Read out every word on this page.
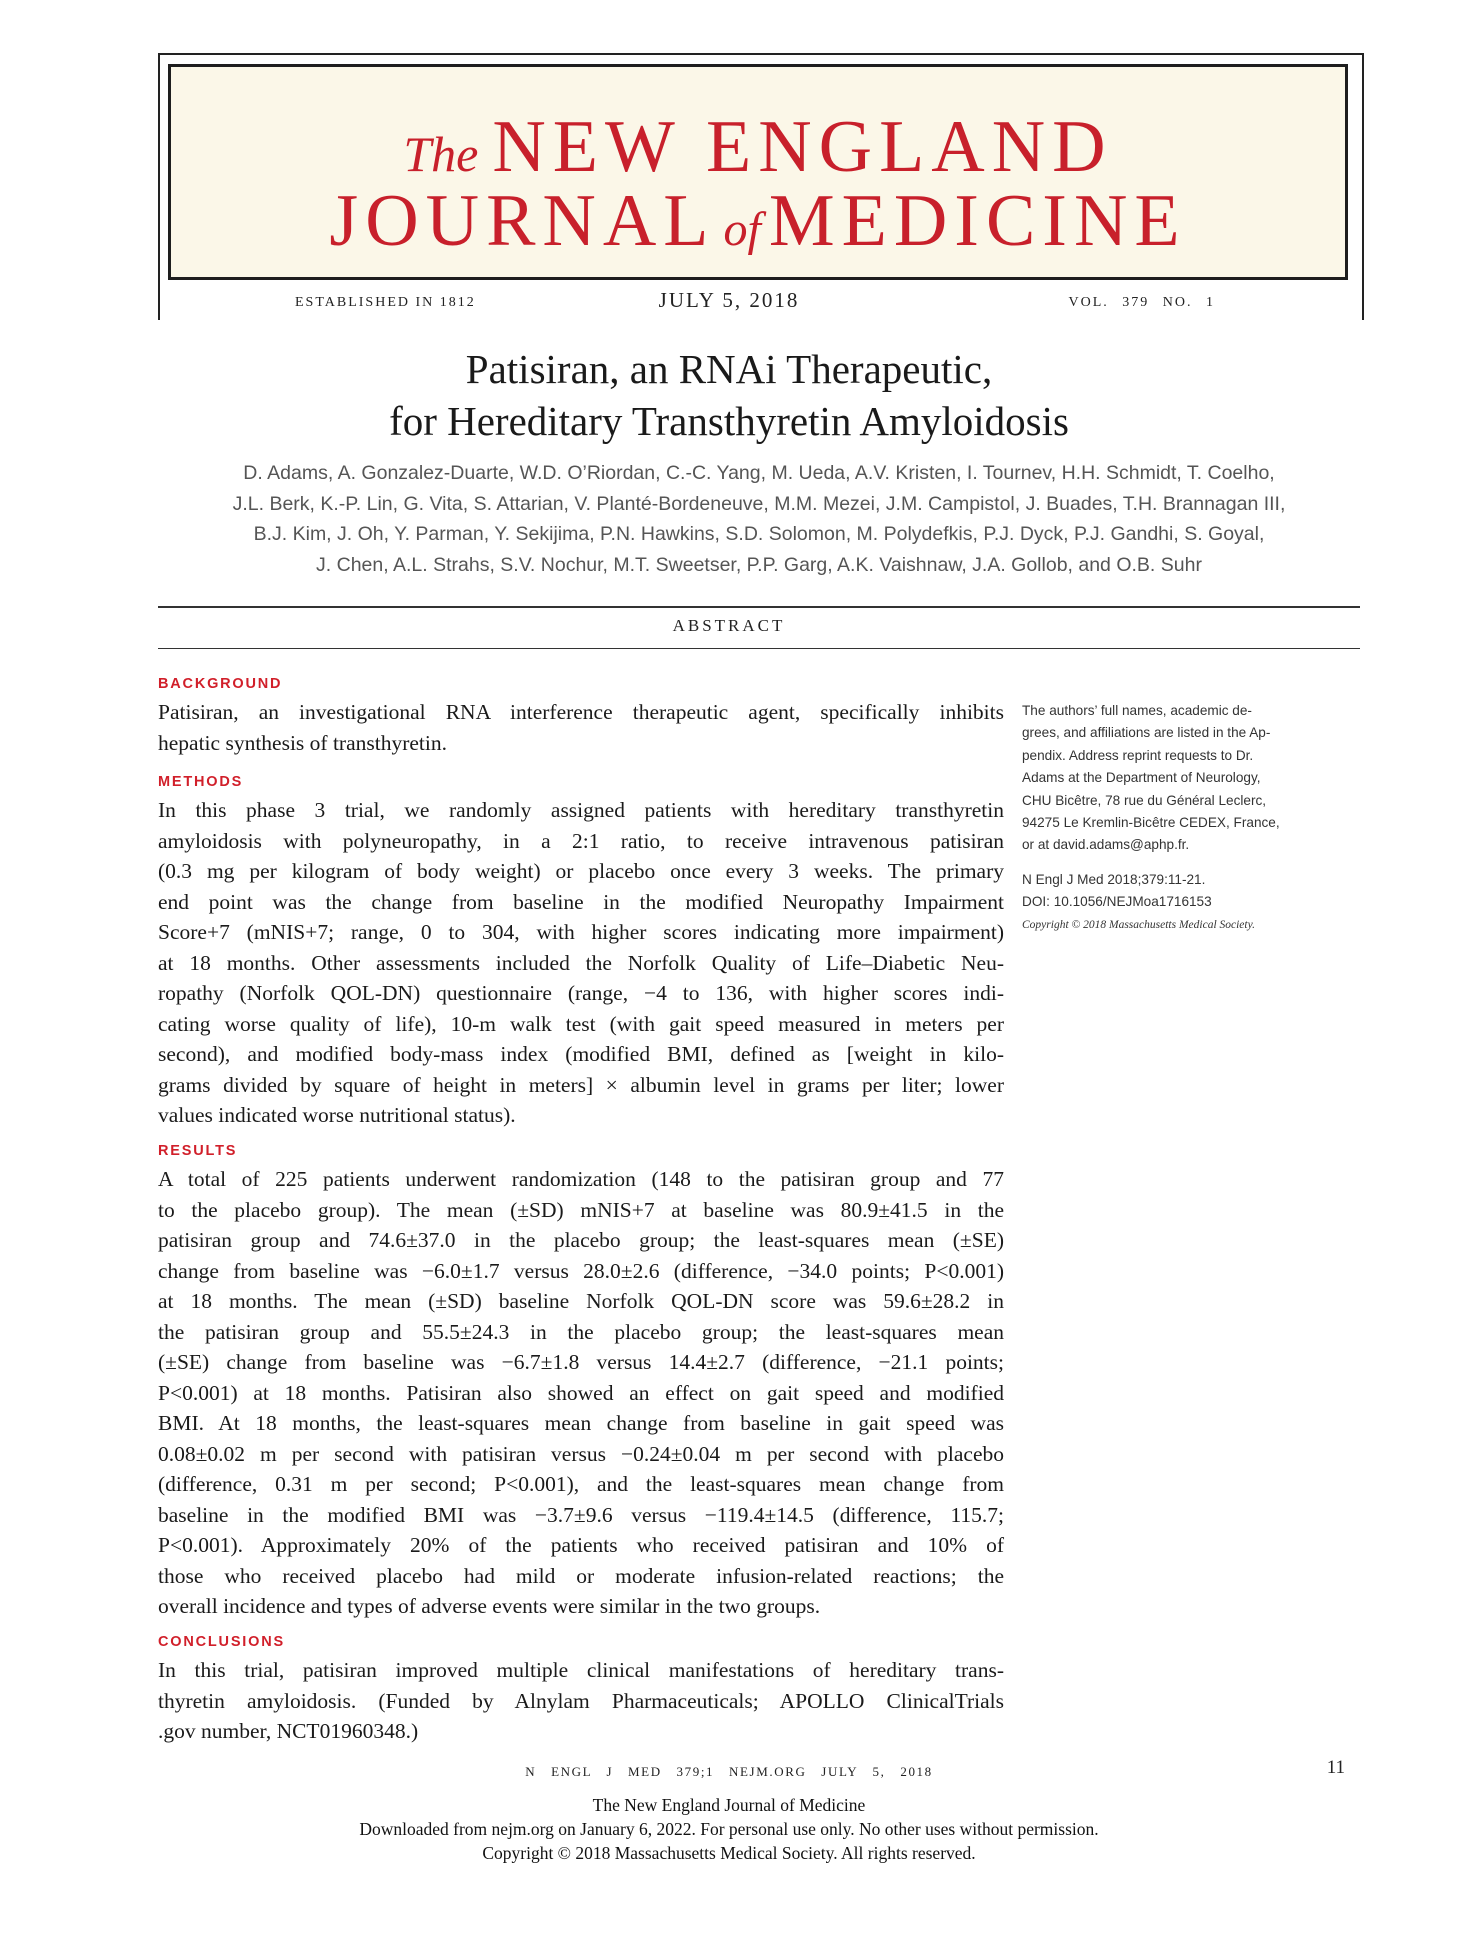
The NEW ENGLAND
JOURNAL of MEDICINE
ESTABLISHED IN 1812	JULY 5, 2018	VOL. 379 NO. 1
Patisiran, an RNAi Therapeutic,
for Hereditary Transthyretin Amyloidosis
D. Adams, A. Gonzalez-Duarte, W.D. O’Riordan, C.-C. Yang, M. Ueda, A.V. Kristen, I. Tournev, H.H. Schmidt, T. Coelho,
J.L. Berk, K.-P. Lin, G. Vita, S. Attarian, V. Planté-Bordeneuve, M.M. Mezei, J.M. Campistol, J. Buades, T.H. Brannagan III,
B.J. Kim, J. Oh, Y. Parman, Y. Sekijima, P.N. Hawkins, S.D. Solomon, M. Polydefkis, P.J. Dyck, P.J. Gandhi, S. Goyal,
J. Chen, A.L. Strahs, S.V. Nochur, M.T. Sweetser, P.P. Garg, A.K. Vaishnaw, J.A. Gollob, and O.B. Suhr
ABSTRACT
BACKGROUND
Patisiran, an investigational RNA interference therapeutic agent, specifically inhibits
hepatic synthesis of transthyretin.
METHODS
In this phase 3 trial, we randomly assigned patients with hereditary transthyretin
amyloidosis with polyneuropathy, in a 2:1 ratio, to receive intravenous patisiran
(0.3 mg per kilogram of body weight) or placebo once every 3 weeks. The primary
end point was the change from baseline in the modified Neuropathy Impairment
Score+7 (mNIS+7; range, 0 to 304, with higher scores indicating more impairment)
at 18 months. Other assessments included the Norfolk Quality of Life–Diabetic Neu-
ropathy (Norfolk QOL-DN) questionnaire (range, −4 to 136, with higher scores indi-
cating worse quality of life), 10-m walk test (with gait speed measured in meters per
second), and modified body-mass index (modified BMI, defined as [weight in kilo-
grams divided by square of height in meters] × albumin level in grams per liter; lower
values indicated worse nutritional status).
RESULTS
A total of 225 patients underwent randomization (148 to the patisiran group and 77
to the placebo group). The mean (±SD) mNIS+7 at baseline was 80.9±41.5 in the
patisiran group and 74.6±37.0 in the placebo group; the least-squares mean (±SE)
change from baseline was −6.0±1.7 versus 28.0±2.6 (difference, −34.0 points; P<0.001)
at 18 months. The mean (±SD) baseline Norfolk QOL-DN score was 59.6±28.2 in
the patisiran group and 55.5±24.3 in the placebo group; the least-squares mean
(±SE) change from baseline was −6.7±1.8 versus 14.4±2.7 (difference, −21.1 points;
P<0.001) at 18 months. Patisiran also showed an effect on gait speed and modified
BMI. At 18 months, the least-squares mean change from baseline in gait speed was
0.08±0.02 m per second with patisiran versus −0.24±0.04 m per second with placebo
(difference, 0.31 m per second; P<0.001), and the least-squares mean change from
baseline in the modified BMI was −3.7±9.6 versus −119.4±14.5 (difference, 115.7;
P<0.001). Approximately 20% of the patients who received patisiran and 10% of
those who received placebo had mild or moderate infusion-related reactions; the
overall incidence and types of adverse events were similar in the two groups.
CONCLUSIONS
In this trial, patisiran improved multiple clinical manifestations of hereditary trans-
thyretin amyloidosis. (Funded by Alnylam Pharmaceuticals; APOLLO ClinicalTrials
.gov number, NCT01960348.)
The authors’ full names, academic de-
grees, and affiliations are listed in the Ap-
pendix. Address reprint requests to Dr.
Adams at the Department of Neurology,
CHU Bicêtre, 78 rue du Général Leclerc,
94275 Le Kremlin-Bicêtre CEDEX, France,
or at david.adams@aphp.fr.
N Engl J Med 2018;379:11-21.
DOI: 10.1056/NEJMoa1716153
Copyright © 2018 Massachusetts Medical Society.
N ENGL J MED 379;1 NEJM.ORG JULY 5, 2018	11
The New England Journal of Medicine
Downloaded from nejm.org on January 6, 2022. For personal use only. No other uses without permission.
Copyright © 2018 Massachusetts Medical Society. All rights reserved.
